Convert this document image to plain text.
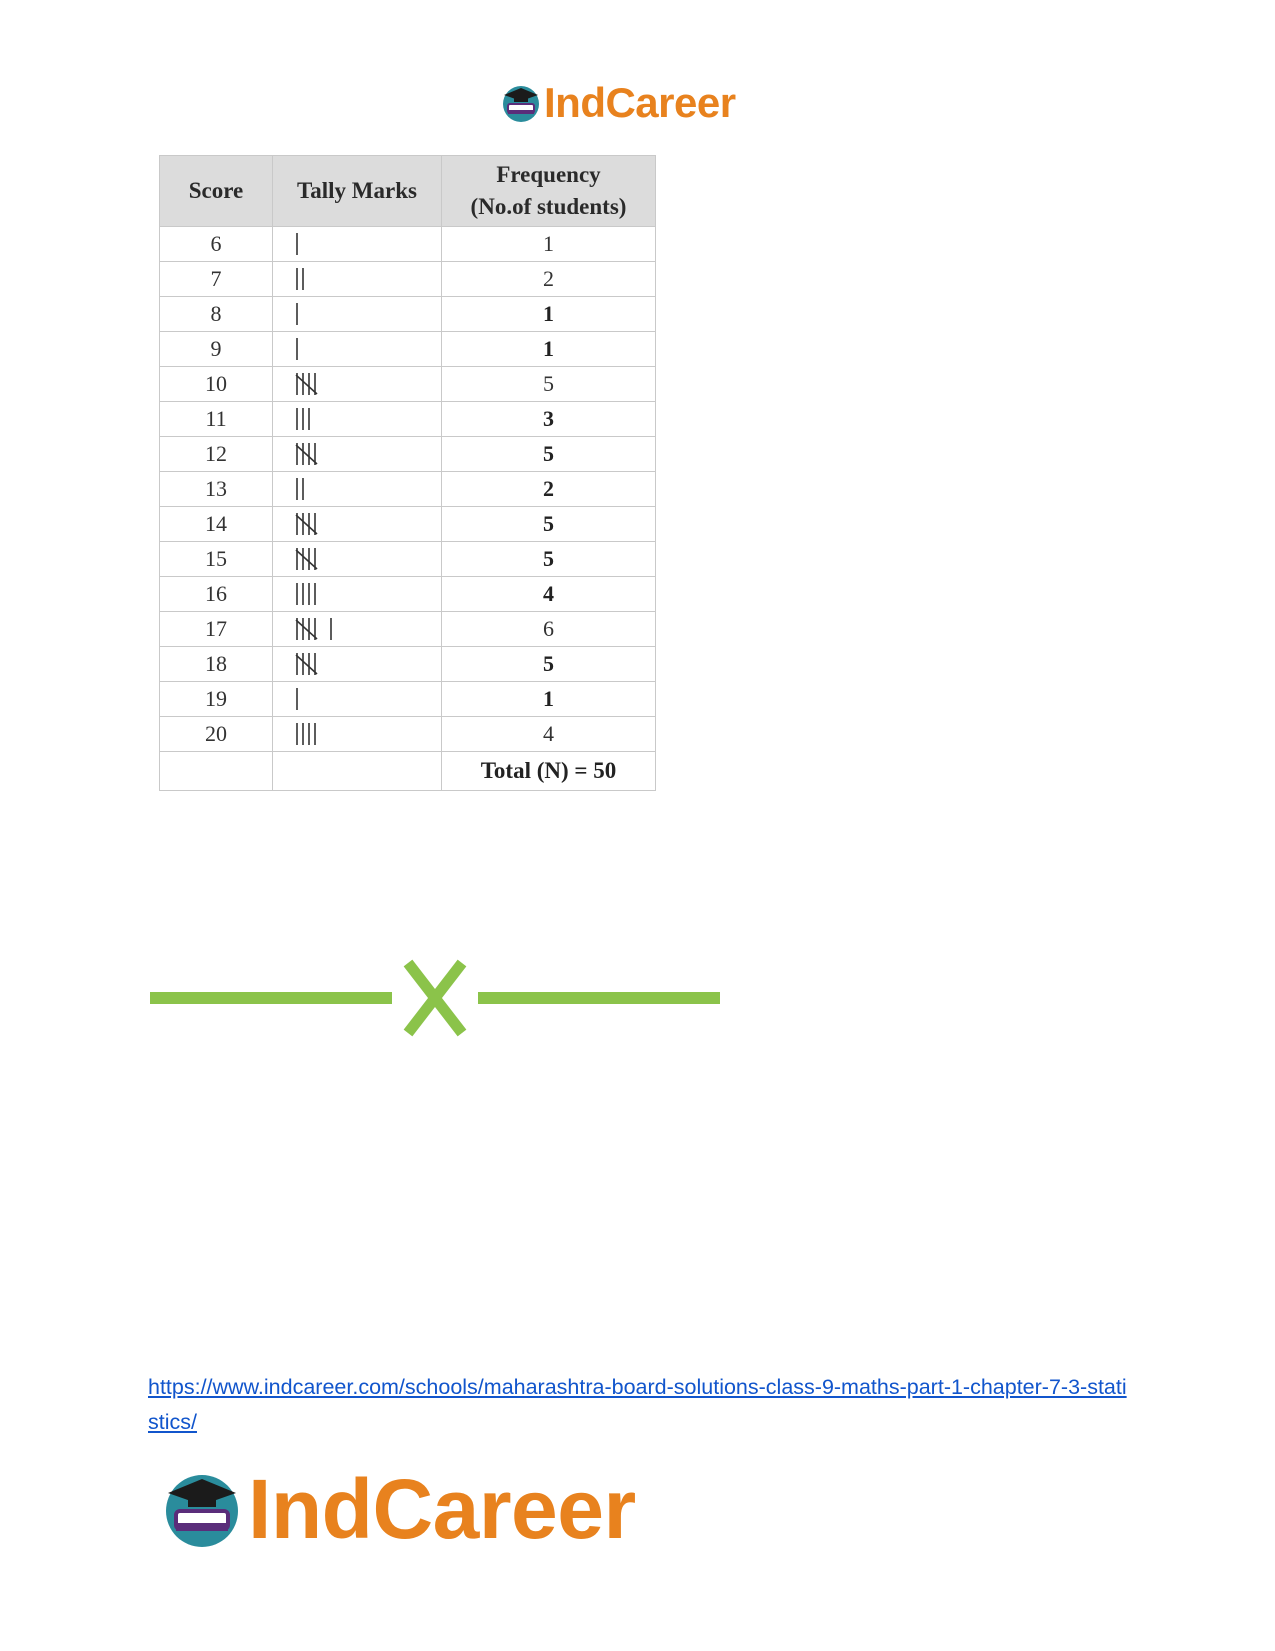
IndCareer
Score	Tally Marks	Frequency
(No.of students)
6		1
7		2
8		1
9		1
10		5
11		3
12		5
13		2
14		5
15		5
16		4
17		6
18		5
19		1
20		4
		Total (N) = 50
https://www.indcareer.com/schools/maharashtra-board-solutions-class-9-maths-part-1-chapter-7-3-statistics/
IndCareer
